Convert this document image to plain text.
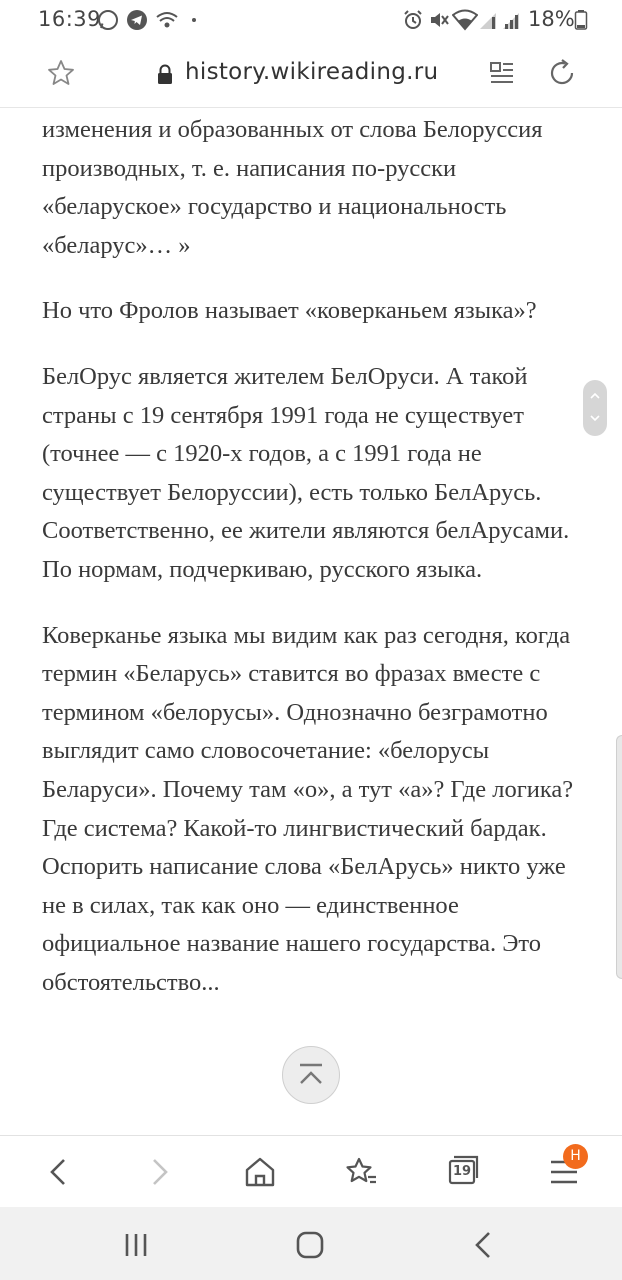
16:39	18%
history.wikireading.ru

изменения и образованных от слова Белоруссия производных, т. е. написания по-русски «беларуское» государство и национальность «беларус»… »

Но что Фролов называет «коверканьем языка»?

БелОрус является жителем БелОруси. А такой страны с 19 сентября 1991 года не существует (точнее — с 1920-х годов, а с 1991 года не существует Белоруссии), есть только БелАрусь. Соответственно, ее жители являются белАрусами. По нормам, подчеркиваю, русского языка.

Коверканье языка мы видим как раз сегодня, когда термин «Беларусь» ставится во фразах вместе с термином «белорусы». Однозначно безграмотно выглядит само словосочетание: «белорусы Беларуси». Почему там «о», а тут «а»? Где логика? Где система? Какой-то лингвистический бардак. Оспорить написание слова «БелАрусь» никто уже не в силах, так как оно — единственное официальное название нашего государства. Это обстоятельство...

19
H
